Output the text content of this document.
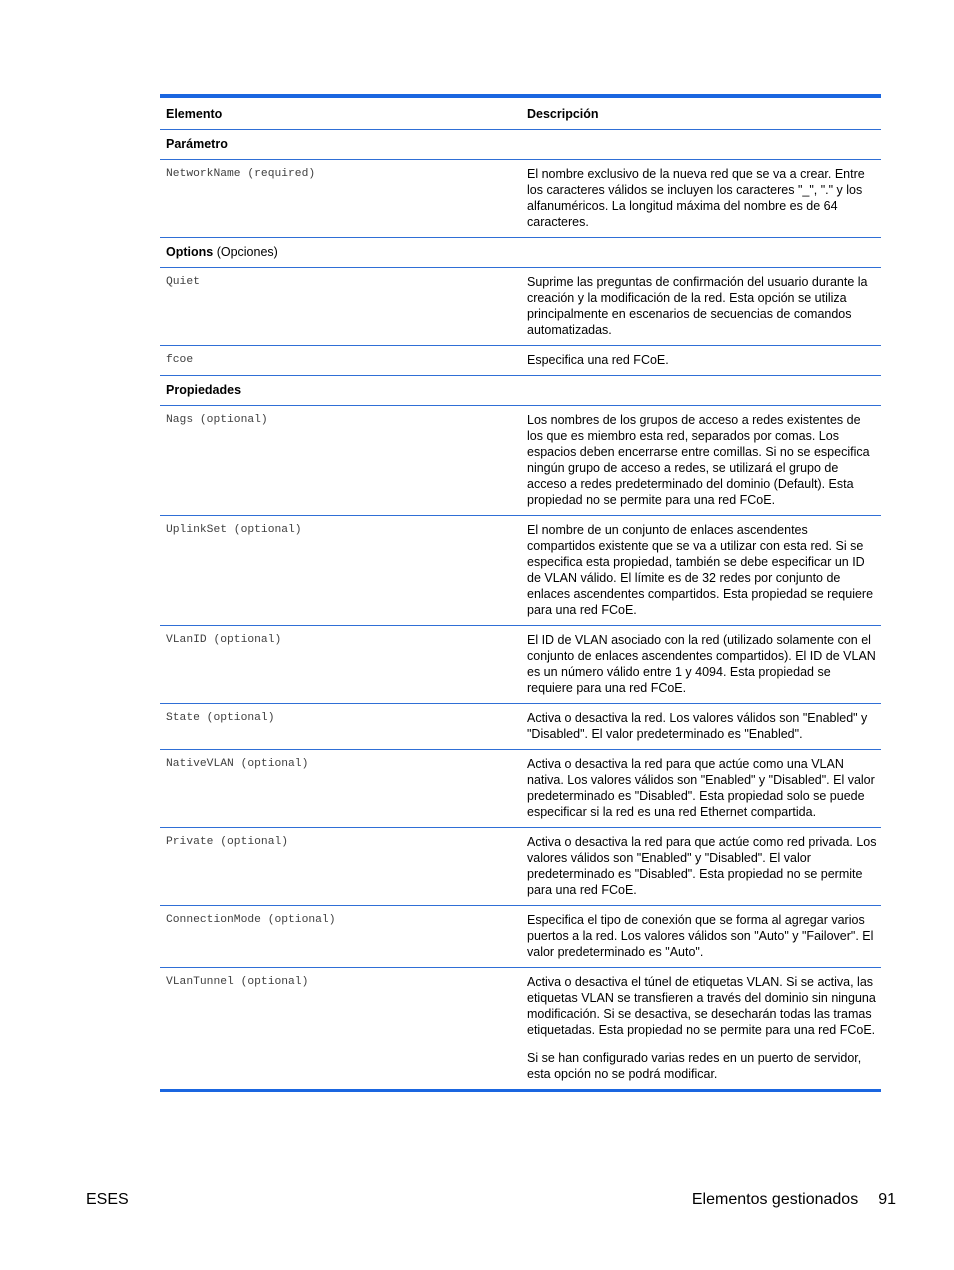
Elemento	Descripción
Parámetro	
NetworkName (required)	El nombre exclusivo de la nueva red que se va a crear. Entre los caracteres válidos se incluyen los caracteres "_", "." y los alfanuméricos. La longitud máxima del nombre es de 64 caracteres.
Options (Opciones)	
Quiet	Suprime las preguntas de confirmación del usuario durante la creación y la modificación de la red. Esta opción se utiliza principalmente en escenarios de secuencias de comandos automatizadas.
fcoe	Especifica una red FCoE.
Propiedades	
Nags (optional)	Los nombres de los grupos de acceso a redes existentes de los que es miembro esta red, separados por comas. Los espacios deben encerrarse entre comillas. Si no se especifica ningún grupo de acceso a redes, se utilizará el grupo de acceso a redes predeterminado del dominio (Default). Esta propiedad no se permite para una red FCoE.
UplinkSet (optional)	El nombre de un conjunto de enlaces ascendentes compartidos existente que se va a utilizar con esta red. Si se especifica esta propiedad, también se debe especificar un ID de VLAN válido. El límite es de 32 redes por conjunto de enlaces ascendentes compartidos. Esta propiedad se requiere para una red FCoE.
VLanID (optional)	El ID de VLAN asociado con la red (utilizado solamente con el conjunto de enlaces ascendentes compartidos). El ID de VLAN es un número válido entre 1 y 4094. Esta propiedad se requiere para una red FCoE.
State (optional)	Activa o desactiva la red. Los valores válidos son "Enabled" y "Disabled". El valor predeterminado es "Enabled".
NativeVLAN (optional)	Activa o desactiva la red para que actúe como una VLAN nativa. Los valores válidos son "Enabled" y "Disabled". El valor predeterminado es "Disabled". Esta propiedad solo se puede especificar si la red es una red Ethernet compartida.
Private (optional)	Activa o desactiva la red para que actúe como red privada. Los valores válidos son "Enabled" y "Disabled". El valor predeterminado es "Disabled". Esta propiedad no se permite para una red FCoE.
ConnectionMode (optional)	Especifica el tipo de conexión que se forma al agregar varios puertos a la red. Los valores válidos son "Auto" y "Failover". El valor predeterminado es "Auto".
VLanTunnel (optional)	Activa o desactiva el túnel de etiquetas VLAN. Si se activa, las etiquetas VLAN se transfieren a través del dominio sin ninguna modificación. Si se desactiva, se desecharán todas las tramas etiquetadas. Esta propiedad no se permite para una red FCoE.
Si se han configurado varias redes en un puerto de servidor, esta opción no se podrá modificar.
ESES	Elementos gestionados 91
